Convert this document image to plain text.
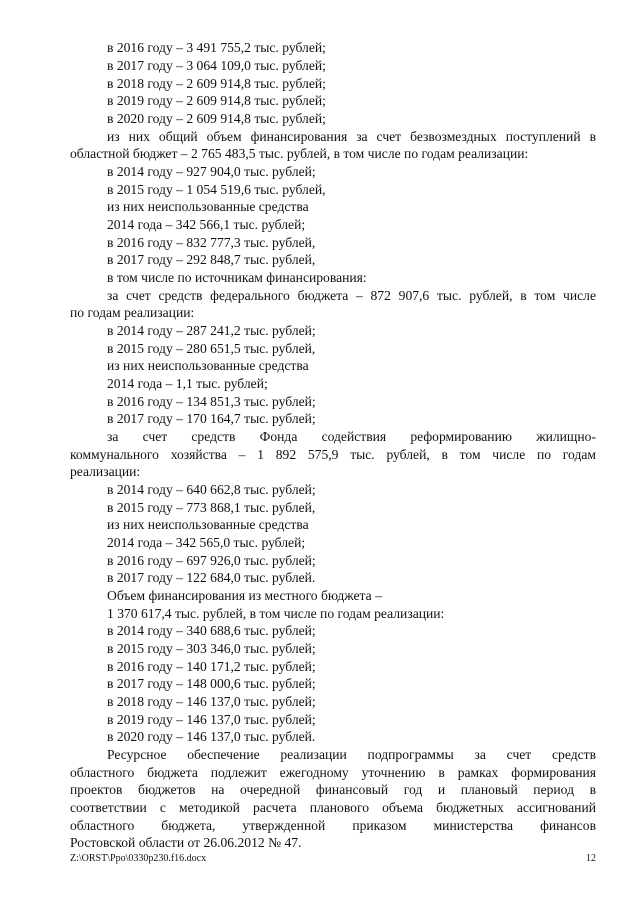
в 2016 году – 3 491 755,2 тыс. рублей;
в 2017 году – 3 064 109,0 тыс. рублей;
в 2018 году – 2 609 914,8 тыс. рублей;
в 2019 году – 2 609 914,8 тыс. рублей;
в 2020 году – 2 609 914,8 тыс. рублей;
из них общий объем финансирования за счет безвозмездных поступлений в
областной бюджет – 2 765 483,5 тыс. рублей, в том числе по годам реализации:
в 2014 году – 927 904,0 тыс. рублей;
в 2015 году – 1 054 519,6 тыс. рублей,
из них неиспользованные средства
2014 года – 342 566,1 тыс. рублей;
в 2016 году – 832 777,3 тыс. рублей,
в 2017 году – 292 848,7 тыс. рублей,
в том числе по источникам финансирования:
за счет средств федерального бюджета – 872 907,6 тыс. рублей, в том числе
по годам реализации:
в 2014 году – 287 241,2 тыс. рублей;
в 2015 году – 280 651,5 тыс. рублей,
из них неиспользованные средства
2014 года – 1,1 тыс. рублей;
в 2016 году – 134 851,3 тыс. рублей;
в 2017 году – 170 164,7 тыс. рублей;
за счет средств Фонда содействия реформированию жилищно-
коммунального хозяйства – 1 892 575,9 тыс. рублей, в том числе по годам
реализации:
в 2014 году – 640 662,8 тыс. рублей;
в 2015 году – 773 868,1 тыс. рублей,
из них неиспользованные средства
2014 года – 342 565,0 тыс. рублей;
в 2016 году – 697 926,0 тыс. рублей;
в 2017 году – 122 684,0 тыс. рублей.
Объем финансирования из местного бюджета –
1 370 617,4 тыс. рублей, в том числе по годам реализации:
в 2014 году – 340 688,6 тыс. рублей;
в 2015 году – 303 346,0 тыс. рублей;
в 2016 году – 140 171,2 тыс. рублей;
в 2017 году – 148 000,6 тыс. рублей;
в 2018 году – 146 137,0 тыс. рублей;
в 2019 году – 146 137,0 тыс. рублей;
в 2020 году – 146 137,0 тыс. рублей.
Ресурсное обеспечение реализации подпрограммы за счет средств
областного бюджета подлежит ежегодному уточнению в рамках формирования
проектов бюджетов на очередной финансовый год и плановый период в
соответствии с методикой расчета планового объема бюджетных ассигнований
областного бюджета, утвержденной приказом министерства финансов
Ростовской области от 26.06.2012 № 47.
Z:\ORST\Ppo\0330p230.f16.docx	12
